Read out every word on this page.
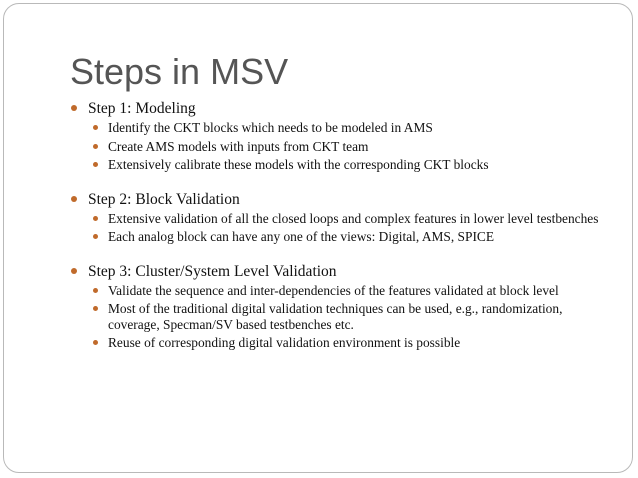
Steps in MSV

Step 1: Modeling

Identify the CKT blocks which needs to be modeled in AMS
Create AMS models with inputs from CKT team
Extensively calibrate these models with the corresponding CKT blocks

Step 2: Block Validation

Extensive validation of all the closed loops and complex features in lower level testbenches
Each analog block can have any one of the views: Digital, AMS, SPICE

Step 3: Cluster/System Level Validation

Validate the sequence and inter-dependencies of the features validated at block level
Most of the traditional digital validation techniques can be used, e.g., randomization, coverage, Specman/SV based testbenches etc.
Reuse of corresponding digital validation environment is possible
